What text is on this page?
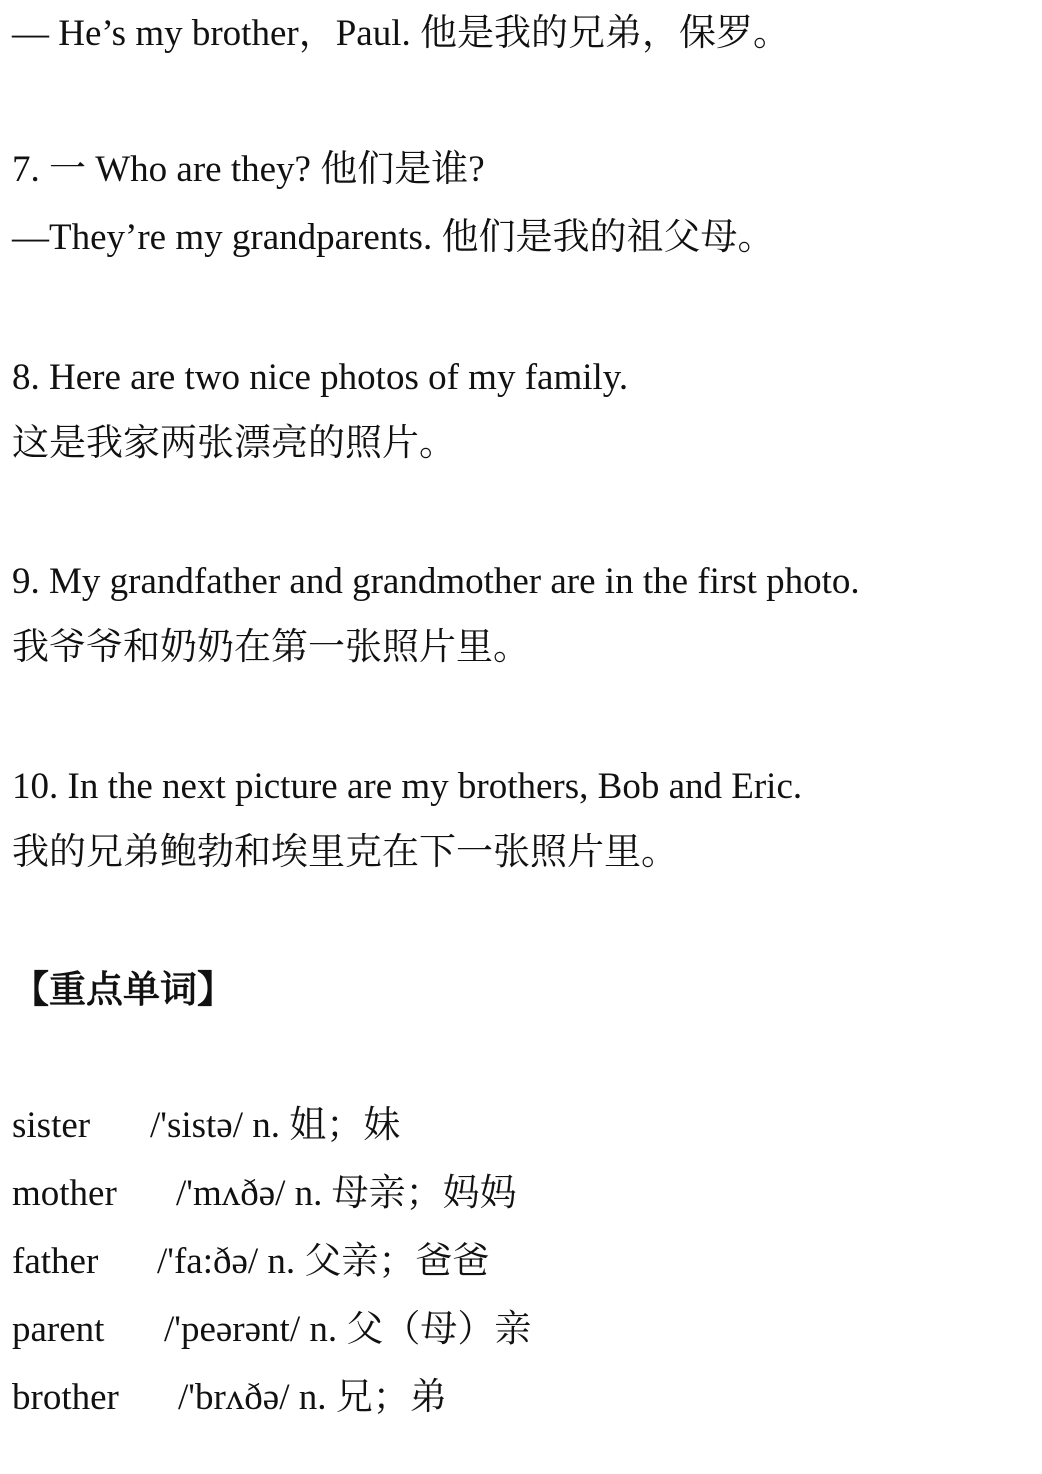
— He’s my brother，Paul. 他是我的兄弟，保罗。
7. 一 Who are they? 他们是谁?
—They’re my grandparents. 他们是我的祖父母。
8. Here are two nice photos of my family.
这是我家两张漂亮的照片。
9. My grandfather and grandmother are in the first photo.
我爷爷和奶奶在第一张照片里。
10. In the next picture are my brothers, Bob and Eric.
我的兄弟鲍勃和埃里克在下一张照片里。
【重点单词】
sister /'sistə/ n. 姐；妹
mother /'mʌðə/ n. 母亲；妈妈
father /'fa:ðə/ n. 父亲；爸爸
parent /'peərənt/ n. 父（母）亲
brother /'brʌðə/ n. 兄；弟
